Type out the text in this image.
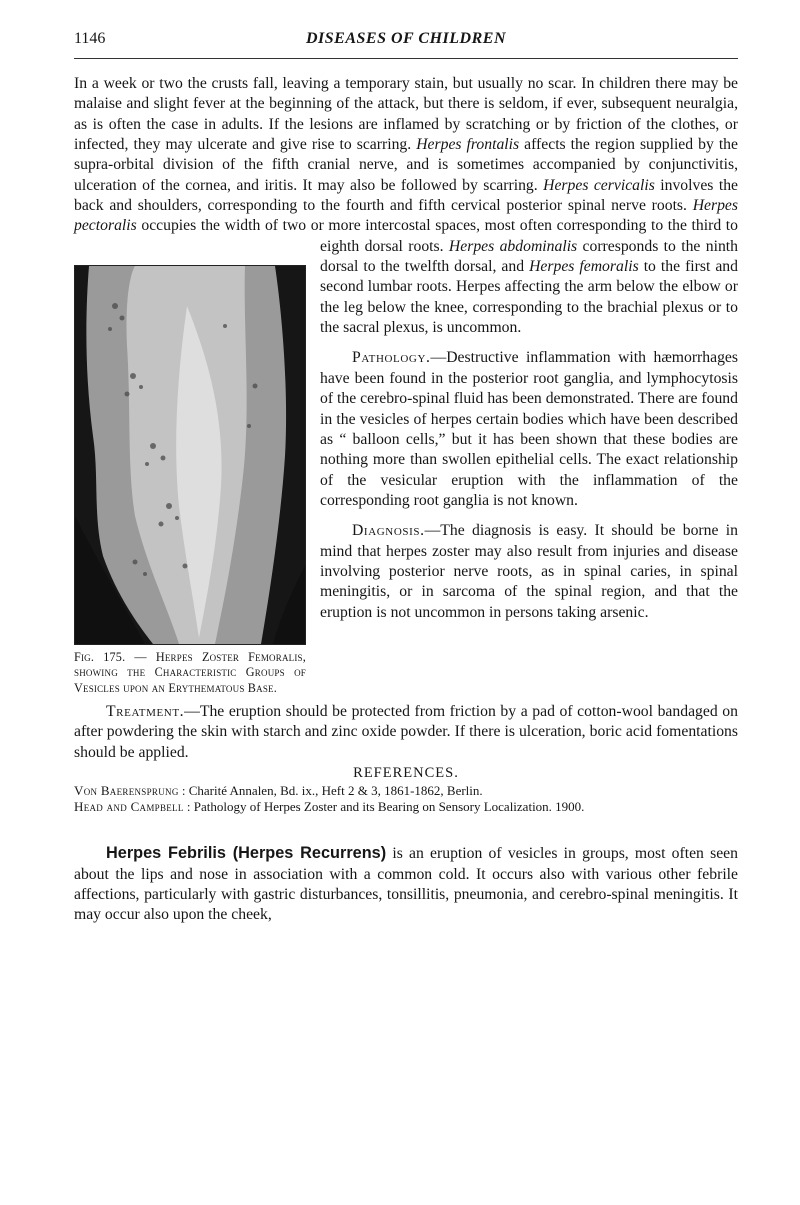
1146	DISEASES OF CHILDREN

In a week or two the crusts fall, leaving a temporary stain, but usually no scar. In children there may be malaise and slight fever at the beginning of the attack, but there is seldom, if ever, subsequent neuralgia, as is often the case in adults. If the lesions are inflamed by scratching or by friction of the clothes, or infected, they may ulcerate and give rise to scarring. Herpes frontalis affects the region supplied by the supra-orbital division of the fifth cranial nerve, and is sometimes accompanied by conjunctivitis, ulceration of the cornea, and iritis. It may also be followed by scarring. Herpes cervicalis involves the back and shoulders, corresponding to the fourth and fifth cervical posterior spinal nerve roots. Herpes pectoralis occupies the width of two or more intercostal spaces, most often corresponding to the third to eighth dorsal roots.
Fig. 175. — Herpes Zoster Femoralis, showing the Characteristic Groups of Vesicles upon an Erythematous Base.
Herpes abdominalis corresponds to the ninth dorsal to the twelfth dorsal, and Herpes femoralis to the first and second lumbar roots. Herpes affecting the arm below the elbow or the leg below the knee, corresponding to the brachial plexus or to the sacral plexus, is uncommon.

Pathology.—Destructive inflammation with hæmorrhages have been found in the posterior root ganglia, and lymphocytosis of the cerebro-spinal fluid has been demonstrated. There are found in the vesicles of herpes certain bodies which have been described as “ balloon cells,” but it has been shown that these bodies are nothing more than swollen epithelial cells. The exact relationship of the vesicular eruption with the inflammation of the corresponding root ganglia is not known.

Diagnosis.—The diagnosis is easy. It should be borne in mind that herpes zoster may also result from injuries and disease involving posterior nerve roots, as in spinal caries, in spinal meningitis, or in sarcoma of the spinal region, and that the eruption is not uncommon in persons taking arsenic.

Treatment.—The eruption should be protected from friction by a pad of cotton-wool bandaged on after powdering the skin with starch and zinc oxide powder. If there is ulceration, boric acid fomentations should be applied.

REFERENCES.

Von Baerensprung : Charité Annalen, Bd. ix., Heft 2 & 3, 1861-1862, Berlin.

Head and Campbell : Pathology of Herpes Zoster and its Bearing on Sensory Localization. 1900.

Herpes Febrilis (Herpes Recurrens) is an eruption of vesicles in groups, most often seen about the lips and nose in association with a common cold. It occurs also with various other febrile affections, particularly with gastric disturbances, tonsillitis, pneumonia, and cerebro-spinal meningitis. It may occur also upon the cheek,
